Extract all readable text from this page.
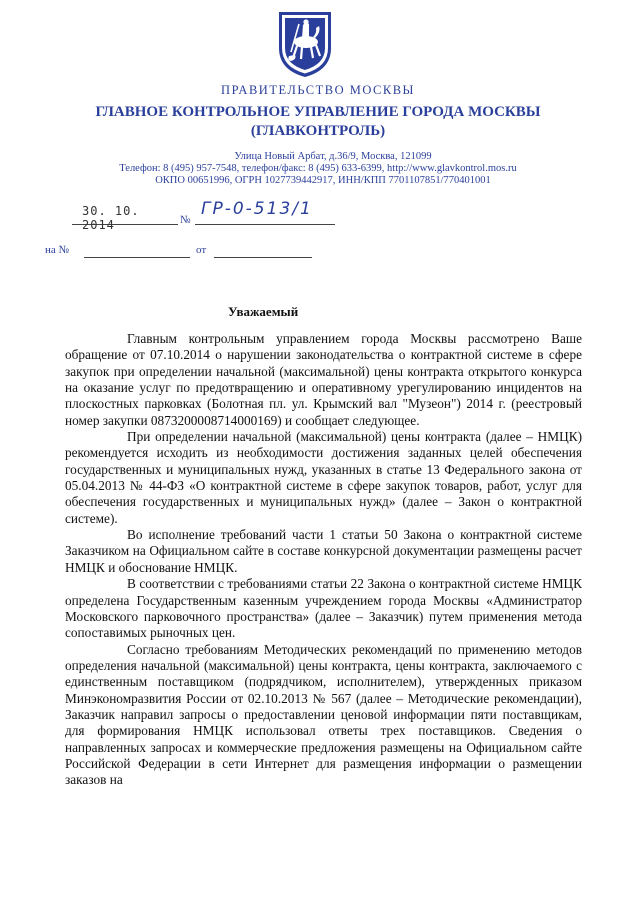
ПРАВИТЕЛЬСТВО МОСКВЫ
ГЛАВНОЕ КОНТРОЛЬНОЕ УПРАВЛЕНИЕ ГОРОДА МОСКВЫ
(ГЛАВКОНТРОЛЬ)
Улица Новый Арбат, д.36/9, Москва, 121099
Телефон: 8 (495) 957-7548, телефон/факс: 8 (495) 633-6399, http://www.glavkontrol.mos.ru
ОКПО 00651996, ОГРН 1027739442917, ИНН/КПП 7701107851/770401001
30. 10. 2014	№
ГР-0-513/1
на №	от
Уважаемый

Главным контрольным управлением города Москвы рассмотрено Ваше обращение от 07.10.2014 о нарушении законодательства о контрактной системе в сфере закупок при определении начальной (максимальной) цены контракта открытого конкурса на оказание услуг по предотвращению и оперативному урегулированию инцидентов на плоскостных парковках (Болотная пл. ул. Крымский вал "Музеон") 2014 г. (реестровый номер закупки 0873200008714000169) и сообщает следующее.

При определении начальной (максимальной) цены контракта (далее – НМЦК) рекомендуется исходить из необходимости достижения заданных целей обеспечения государственных и муниципальных нужд, указанных в статье 13 Федерального закона от 05.04.2013 № 44-ФЗ «О контрактной системе в сфере закупок товаров, работ, услуг для обеспечения государственных и муниципальных нужд» (далее – Закон о контрактной системе).

Во исполнение требований части 1 статьи 50 Закона о контрактной системе Заказчиком на Официальном сайте в составе конкурсной документации размещены расчет НМЦК и обоснование НМЦК.

В соответствии с требованиями статьи 22 Закона о контрактной системе НМЦК определена Государственным казенным учреждением города Москвы «Администратор Московского парковочного пространства» (далее – Заказчик) путем применения метода сопоставимых рыночных цен.

Согласно требованиям Методических рекомендаций по применению методов определения начальной (максимальной) цены контракта, цены контракта, заключаемого с единственным поставщиком (подрядчиком, исполнителем), утвержденных приказом Минэкономразвития России от 02.10.2013 № 567 (далее – Методические рекомендации), Заказчик направил запросы о предоставлении ценовой информации пяти поставщикам, для формирования НМЦК использовал ответы трех поставщиков. Сведения о направленных запросах и коммерческие предложения размещены на Официальном сайте Российской Федерации в сети Интернет для размещения информации о размещении заказов на
